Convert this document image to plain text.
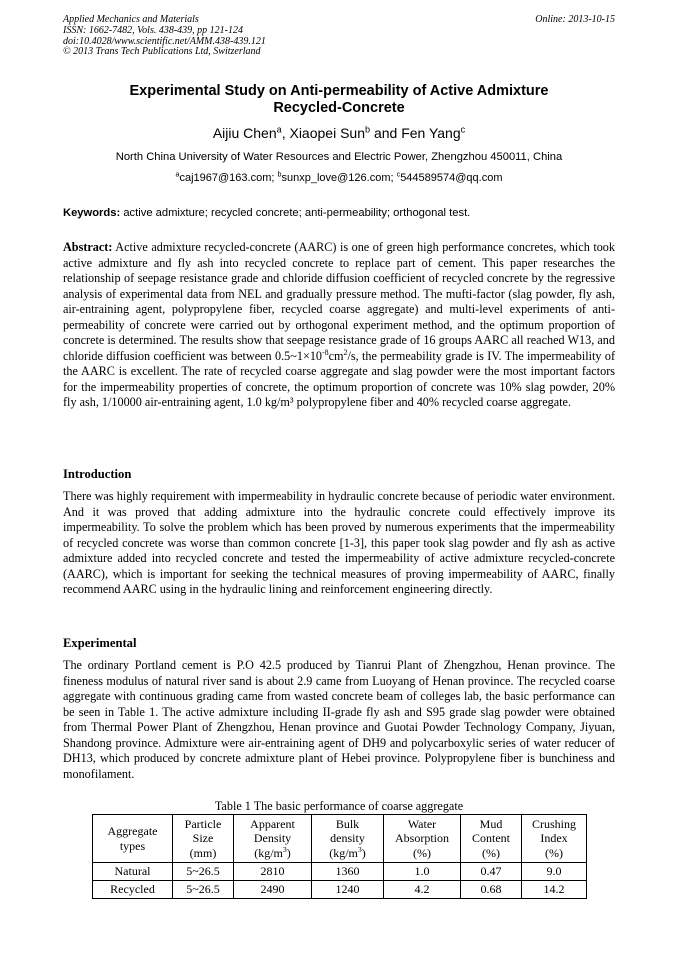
Applied Mechanics and Materials
ISSN: 1662-7482, Vols. 438-439, pp 121-124
doi:10.4028/www.scientific.net/AMM.438-439.121
© 2013 Trans Tech Publications Ltd, Switzerland
Online: 2013-10-15
Experimental Study on Anti-permeability of Active Admixture
Recycled-Concrete
Aijiu Chen$^a$, Xiaopei Sun$^b$ and Fen Yang$^c$
North China University of Water Resources and Electric Power, Zhengzhou 450011, China
$^a$caj1967@163.com; $^b$sunxp_love@126.com; $^c$544589574@qq.com
Keywords: active admixture; recycled concrete; anti-permeability; orthogonal test.
Abstract: Active admixture recycled-concrete (AARC) is one of green high performance concretes, which took active admixture and fly ash into recycled concrete to replace part of cement. This paper researches the relationship of seepage resistance grade and chloride diffusion coefficient of recycled concrete by the regressive analysis of experimental data from NEL and gradually pressure method. The mufti-factor (slag powder, fly ash, air-entraining agent, polypropylene fiber, recycled coarse aggregate) and multi-level experiments of anti-permeability of concrete were carried out by orthogonal experiment method, and the optimum proportion of concrete is determined. The results show that seepage resistance grade of 16 groups AARC all reached W13, and chloride diffusion coefficient was between $0.5\sim 1\times 10^{-8}cm^2/s$, the permeability grade is IV. The impermeability of the AARC is excellent. The rate of recycled coarse aggregate and slag powder were the most important factors for the impermeability properties of concrete, the optimum proportion of concrete was 10% slag powder, 20% fly ash, 1/10000 air-entraining agent, 1.0 kg/m³ polypropylene fiber and 40% recycled coarse aggregate.
Introduction
There was highly requirement with impermeability in hydraulic concrete because of periodic water environment. And it was proved that adding admixture into the hydraulic concrete could effectively improve its impermeability. To solve the problem which has been proved by numerous experiments that the impermeability of recycled concrete was worse than common concrete [1-3], this paper took slag powder and fly ash as active admixture added into recycled concrete and tested the impermeability of active admixture recycled-concrete (AARC), which is important for seeking the technical measures of proving impermeability of AARC, finally recommend AARC using in the hydraulic lining and reinforcement engineering directly.
Experimental
The ordinary Portland cement is P.O 42.5 produced by Tianrui Plant of Zhengzhou, Henan province. The fineness modulus of natural river sand is about 2.9 came from Luoyang of Henan province. The recycled coarse aggregate with continuous grading came from wasted concrete beam of colleges lab, the basic performance can be seen in Table 1. The active admixture including II-grade fly ash and S95 grade slag powder were obtained from Thermal Power Plant of Zhengzhou, Henan province and Guotai Powder Technology Company, Jiyuan, Shandong province. Admixture were air-entraining agent of DH9 and polycarboxylic series of water reducer of DH13, which produced by concrete admixture plant of Hebei province. Polypropylene fiber is bunchiness and monofilament.
Table 1 The basic performance of coarse aggregate
Aggregate
types	Particle
Size
(mm)	Apparent
Density
$(kg/m^3)$	Bulk
density
$(kg/m^3)$	Water
Absorption
(%)	Mud
Content
(%)	Crushing
Index
(%)
Natural	5~26.5	2810	1360	1.0	0.47	9.0
Recycled	5~26.5	2490	1240	4.2	0.68	14.2
